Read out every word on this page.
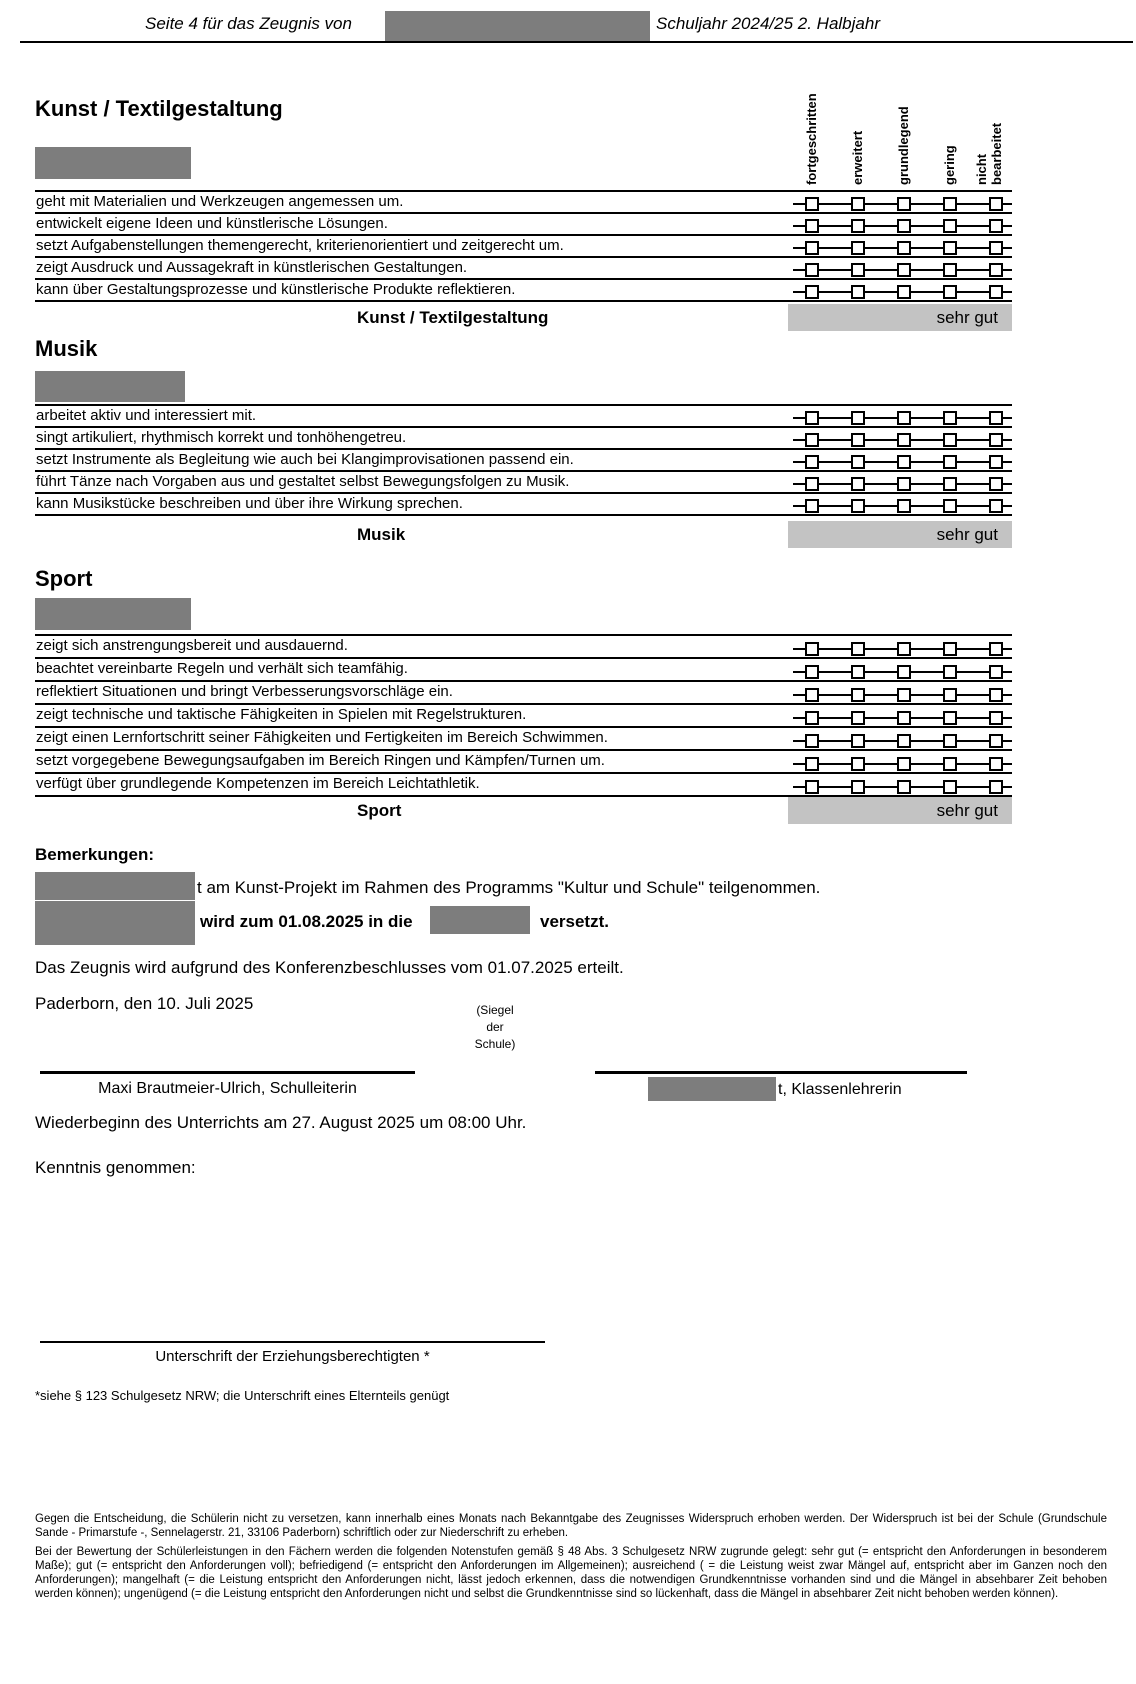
Seite 4 für das Zeugnis von	Schuljahr 2024/25 2. Halbjahr
fortgeschritten erweitert grundlegend gering nicht bearbeitet
Kunst / Textilgestaltung
geht mit Materialien und Werkzeugen angemessen um.
entwickelt eigene Ideen und künstlerische Lösungen.
setzt Aufgabenstellungen themengerecht, kriterienorientiert und zeitgerecht um.
zeigt Ausdruck und Aussagekraft in künstlerischen Gestaltungen.
kann über Gestaltungsprozesse und künstlerische Produkte reflektieren.
Kunst / Textilgestaltung	sehr gut
Musik
arbeitet aktiv und interessiert mit.
singt artikuliert, rhythmisch korrekt und tonhöhengetreu.
setzt Instrumente als Begleitung wie auch bei Klangimprovisationen passend ein.
führt Tänze nach Vorgaben aus und gestaltet selbst Bewegungsfolgen zu Musik.
kann Musikstücke beschreiben und über ihre Wirkung sprechen.
Musik	sehr gut
Sport
zeigt sich anstrengungsbereit und ausdauernd.
beachtet vereinbarte Regeln und verhält sich teamfähig.
reflektiert Situationen und bringt Verbesserungsvorschläge ein.
zeigt technische und taktische Fähigkeiten in Spielen mit Regelstrukturen.
zeigt einen Lernfortschritt seiner Fähigkeiten und Fertigkeiten im Bereich Schwimmen.
setzt vorgegebene Bewegungsaufgaben im Bereich Ringen und Kämpfen/Turnen um.
verfügt über grundlegende Kompetenzen im Bereich Leichtathletik.
Sport	sehr gut
Bemerkungen:
t am Kunst-Projekt im Rahmen des Programms "Kultur und Schule" teilgenommen.
wird zum 01.08.2025 in die	versetzt.
Das Zeugnis wird aufgrund des Konferenzbeschlusses vom 01.07.2025 erteilt.
Paderborn, den 10. Juli 2025	(Siegel
der
Schule)
Maxi Brautmeier-Ulrich, Schulleiterin	t, Klassenlehrerin
Wiederbeginn des Unterrichts am 27. August 2025 um 08:00 Uhr.
Kenntnis genommen:
Unterschrift der Erziehungsberechtigten *
*siehe § 123 Schulgesetz NRW; die Unterschrift eines Elternteils genügt
Gegen die Entscheidung, die Schülerin nicht zu versetzen, kann innerhalb eines Monats nach Bekanntgabe des Zeugnisses Widerspruch erhoben werden. Der Widerspruch ist bei der Schule (Grundschule Sande - Primarstufe -, Sennelagerstr. 21, 33106 Paderborn) schriftlich oder zur Niederschrift zu erheben.
Bei der Bewertung der Schülerleistungen in den Fächern werden die folgenden Notenstufen gemäß § 48 Abs. 3 Schulgesetz NRW zugrunde gelegt: sehr gut (= entspricht den Anforderungen in besonderem Maße); gut (= entspricht den Anforderungen voll); befriedigend (= entspricht den Anforderungen im Allgemeinen); ausreichend ( = die Leistung weist zwar Mängel auf, entspricht aber im Ganzen noch den Anforderungen); mangelhaft (= die Leistung entspricht den Anforderungen nicht, lässt jedoch erkennen, dass die notwendigen Grundkenntnisse vorhanden sind und die Mängel in absehbarer Zeit behoben werden können); ungenügend (= die Leistung entspricht den Anforderungen nicht und selbst die Grundkenntnisse sind so lückenhaft, dass die Mängel in absehbarer Zeit nicht behoben werden können).
